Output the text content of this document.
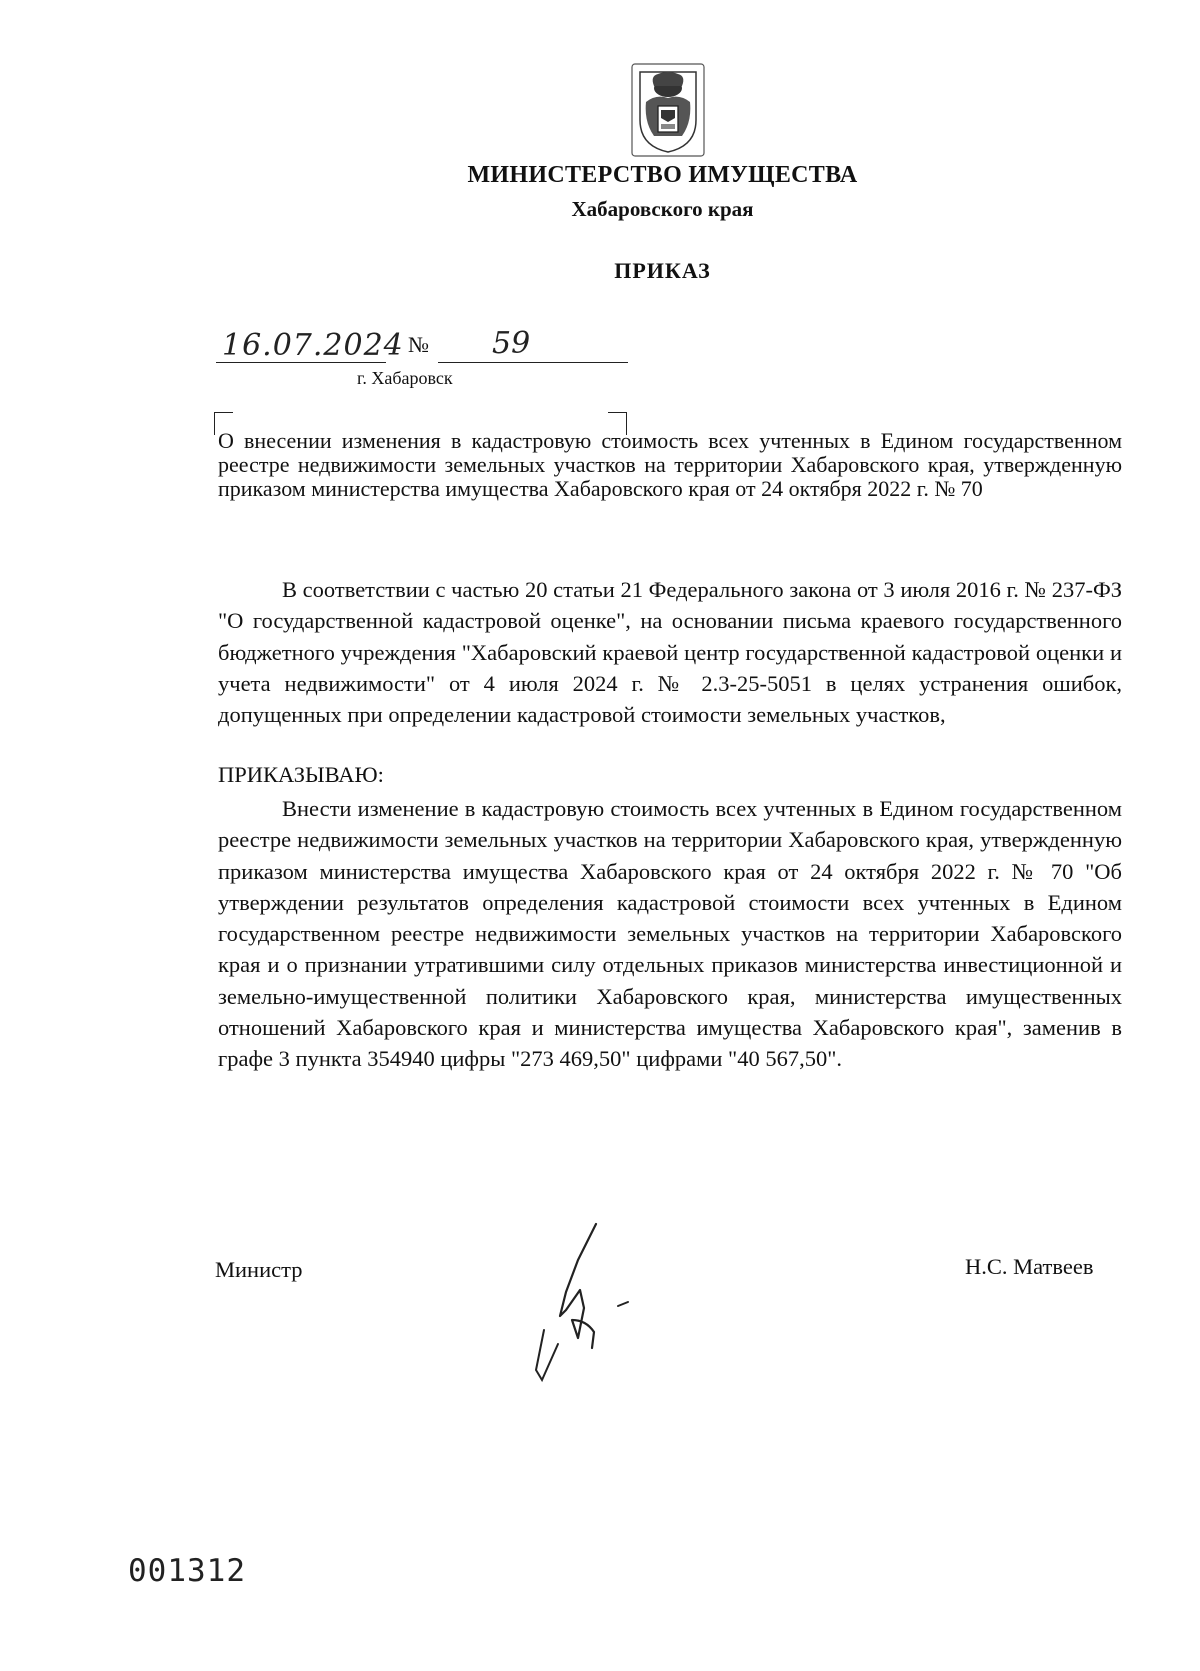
МИНИСТЕРСТВО ИМУЩЕСТВА
Хабаровского края
ПРИКАЗ
16.07.2024 № 59
г. Хабаровск
О внесении изменения в кадастровую стоимость всех учтенных в Едином государственном реестре недвижимости земельных участков на территории Хабаровского края, утвержденную приказом министерства имущества Хабаровского края от 24 октября 2022 г. № 70
В соответствии с частью 20 статьи 21 Федерального закона от 3 июля 2016 г. № 237-ФЗ "О государственной кадастровой оценке", на основании письма краевого государственного бюджетного учреждения "Хабаровский краевой центр государственной кадастровой оценки и учета недвижимости" от 4 июля 2024 г. № 2.3-25-5051 в целях устранения ошибок, допущенных при определении кадастровой стоимости земельных участков,
ПРИКАЗЫВАЮ:
Внести изменение в кадастровую стоимость всех учтенных в Едином государственном реестре недвижимости земельных участков на территории Хабаровского края, утвержденную приказом министерства имущества Хабаровского края от 24 октября 2022 г. № 70 "Об утверждении результатов определения кадастровой стоимости всех учтенных в Едином государственном реестре недвижимости земельных участков на территории Хабаровского края и о признании утратившими силу отдельных приказов министерства инвестиционной и земельно-имущественной политики Хабаровского края, министерства имущественных отношений Хабаровского края и министерства имущества Хабаровского края", заменив в графе 3 пункта 354940 цифры "273 469,50" цифрами "40 567,50".
Министр	Н.С. Матвеев
001312
